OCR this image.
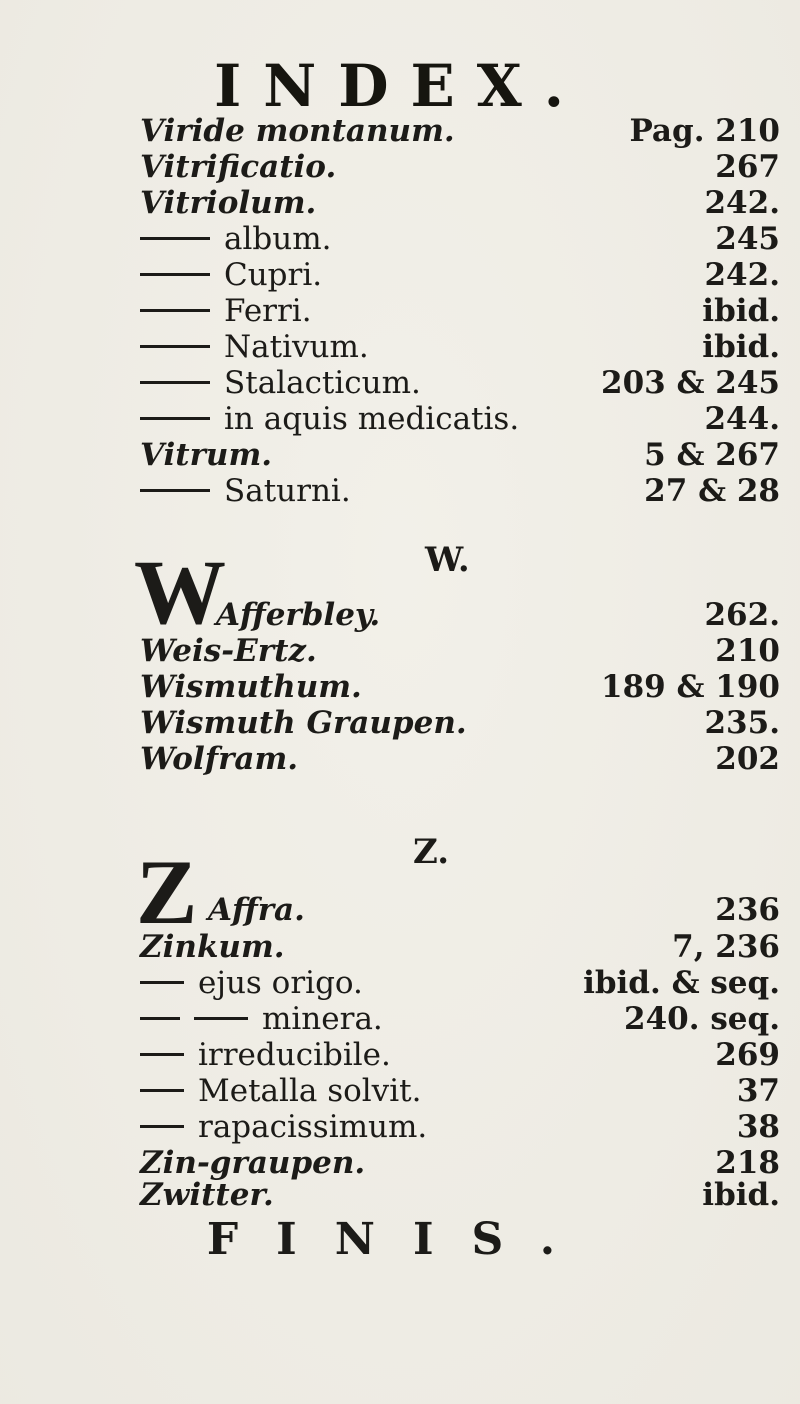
INDEX.
Viride montanum.	Pag. 210
Vitrificatio.	267
Vitriolum.	242.
album.	245
Cupri.	242.
Ferri.	ibid.
Nativum.	ibid.
Stalacticum.	203 & 245
in aquis medicatis.	244.
Vitrum.	5 & 267
Saturni.	27 & 28
W.
W
Afferbley.	262.
Weis-Ertz.	210
Wismuthum.	189 & 190
Wismuth Graupen.	235.
Wolfram.	202
Z.
Z Affra.	236
Zinkum.	7, 236
ejus origo.	ibid. & seq.
minera.	240. seq.
irreducibile.	269
Metalla solvit.	37
rapacissimum.	38
Zin-graupen.	218
Zwitter.	ibid.
FINIS.
